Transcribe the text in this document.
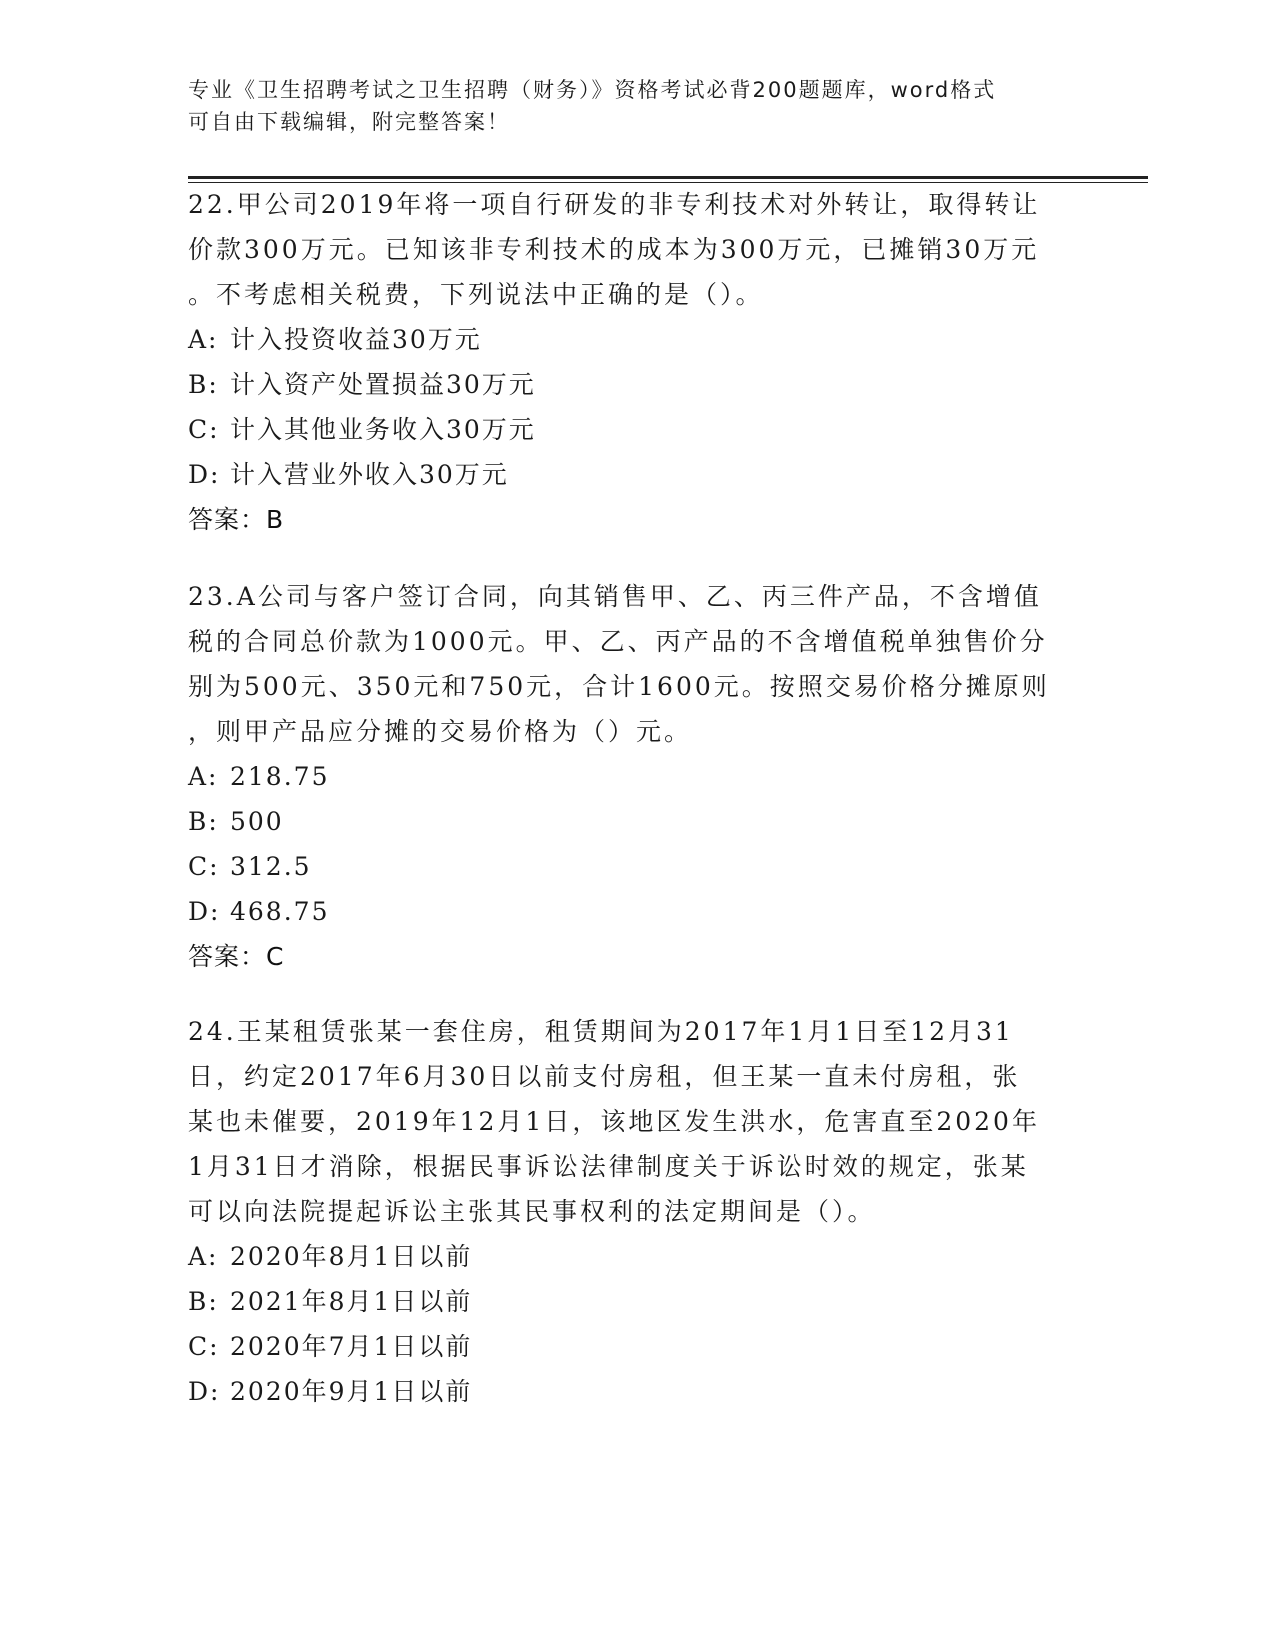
专业《卫生招聘考试之卫生招聘（财务）》资格考试必背200题题库，word格式
可自由下载编辑，附完整答案！
22.甲公司2019年将一项自行研发的非专利技术对外转让，取得转让
价款300万元。已知该非专利技术的成本为300万元，已摊销30万元
。不考虑相关税费，下列说法中正确的是（）。
A: 计入投资收益30万元
B: 计入资产处置损益30万元
C: 计入其他业务收入30万元
D: 计入营业外收入30万元
答案：B
23.A公司与客户签订合同，向其销售甲、乙、丙三件产品，不含增值
税的合同总价款为1000元。甲、乙、丙产品的不含增值税单独售价分
别为500元、350元和750元，合计1600元。按照交易价格分摊原则
，则甲产品应分摊的交易价格为（）元。
A: 218.75
B: 500
C: 312.5
D: 468.75
答案：C
24.王某租赁张某一套住房，租赁期间为2017年1月1日至12月31
日，约定2017年6月30日以前支付房租，但王某一直未付房租，张
某也未催要，2019年12月1日，该地区发生洪水，危害直至2020年
1月31日才消除，根据民事诉讼法律制度关于诉讼时效的规定，张某
可以向法院提起诉讼主张其民事权利的法定期间是（）。
A: 2020年8月1日以前
B: 2021年8月1日以前
C: 2020年7月1日以前
D: 2020年9月1日以前
